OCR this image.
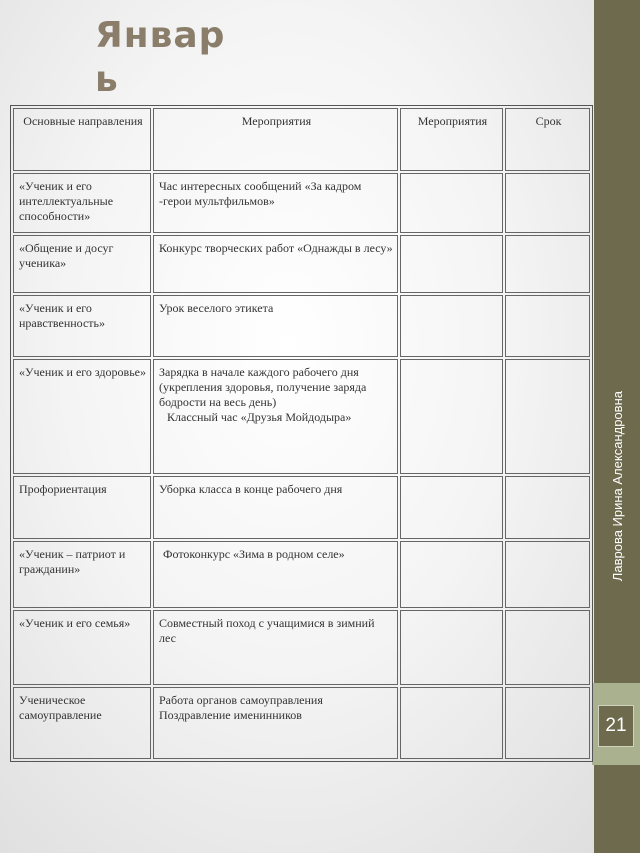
Январь
Лаврова Ирина Александровна
21
Основные направления	Мероприятия	Мероприятия	Срок
«Ученик и его интеллектуальные способности»	Час интересных сообщений «За кадром -герои мультфильмов»		
«Общение и досуг ученика»	Конкурс творческих работ «Однажды в лесу»		
«Ученик и его нравственность»	Урок веселого этикета		
«Ученик и его здоровье»	Зарядка в начале каждого рабочего дня (укрепления здоровья, получение заряда бодрости на весь день)
Классный час «Друзья Мойдодыра»		

Профориентация	Уборка класса в конце рабочего дня		
«Ученик – патриот и гражданин»	Фотоконкурс «Зима в родном селе»		

«Ученик и его семья»	Совместный поход с учащимися в зимний лес		
Ученическое самоуправление	Работа органов самоуправления
Поздравление именинников		
